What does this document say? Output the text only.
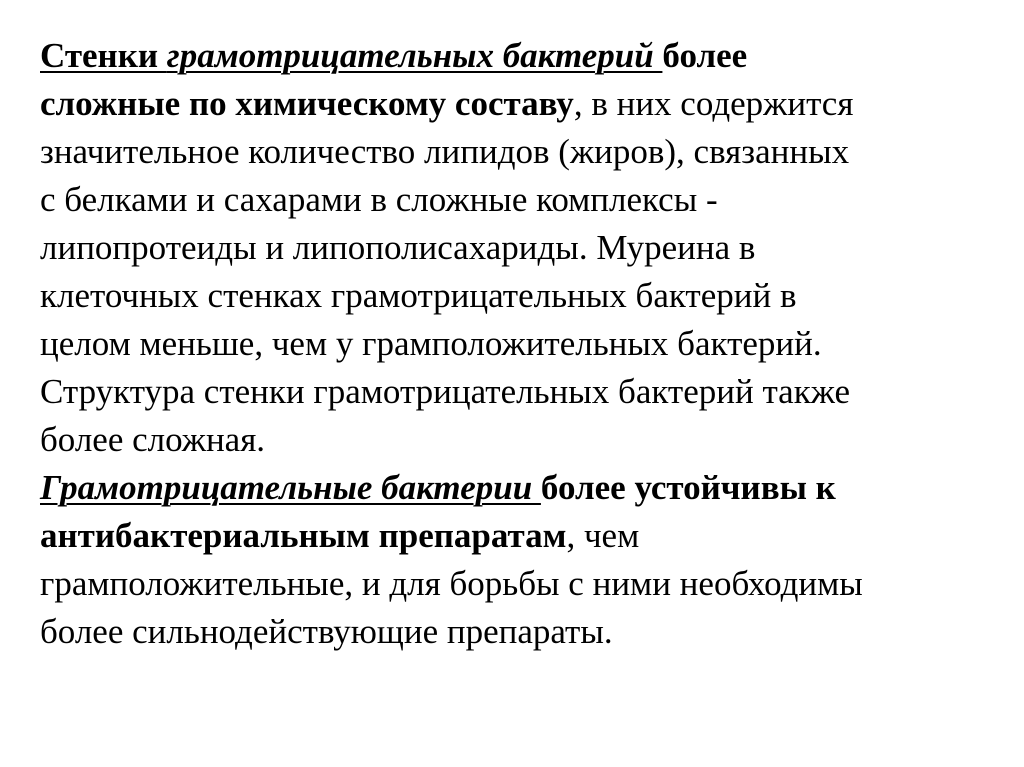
Стенки грамотрицательных бактерий более

сложные по химическому составу, в них содержится

значительное количество липидов (жиров), связанных

с белками и сахарами в сложные комплексы -

липопротеиды и липополисахариды. Муреина в

клеточных стенках грамотрицательных бактерий в

целом меньше, чем у грамположительных бактерий.

Структура стенки грамотрицательных бактерий также

более сложная.

Грамотрицательные бактерии более устойчивы к

антибактериальным препаратам, чем

грамположительные, и для борьбы с ними необходимы

более сильнодействующие препараты.
